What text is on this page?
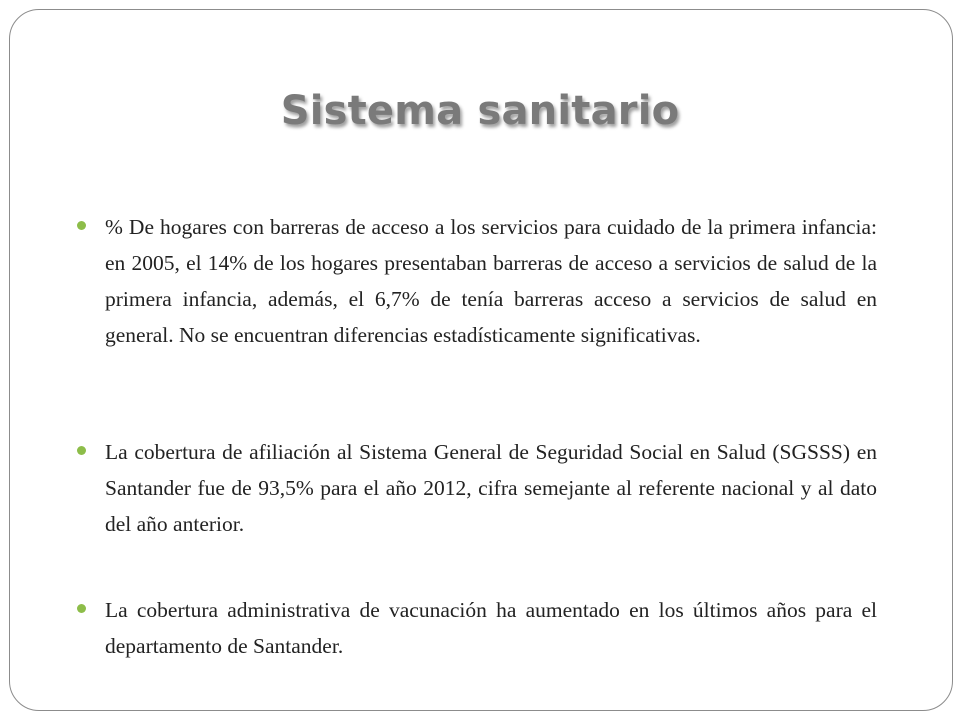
Sistema sanitario
% De hogares con barreras de acceso a los servicios para cuidado de la primera infancia: en 2005, el 14% de los hogares presentaban barreras de acceso a servicios de salud de la primera infancia, además, el 6,7% de tenía barreras acceso a servicios de salud en general. No se encuentran diferencias estadísticamente significativas.
La cobertura de afiliación al Sistema General de Seguridad Social en Salud (SGSSS) en Santander fue de 93,5% para el año 2012, cifra semejante al referente nacional y al dato del año anterior.
La cobertura administrativa de vacunación ha aumentado en los últimos años para el departamento de Santander.
